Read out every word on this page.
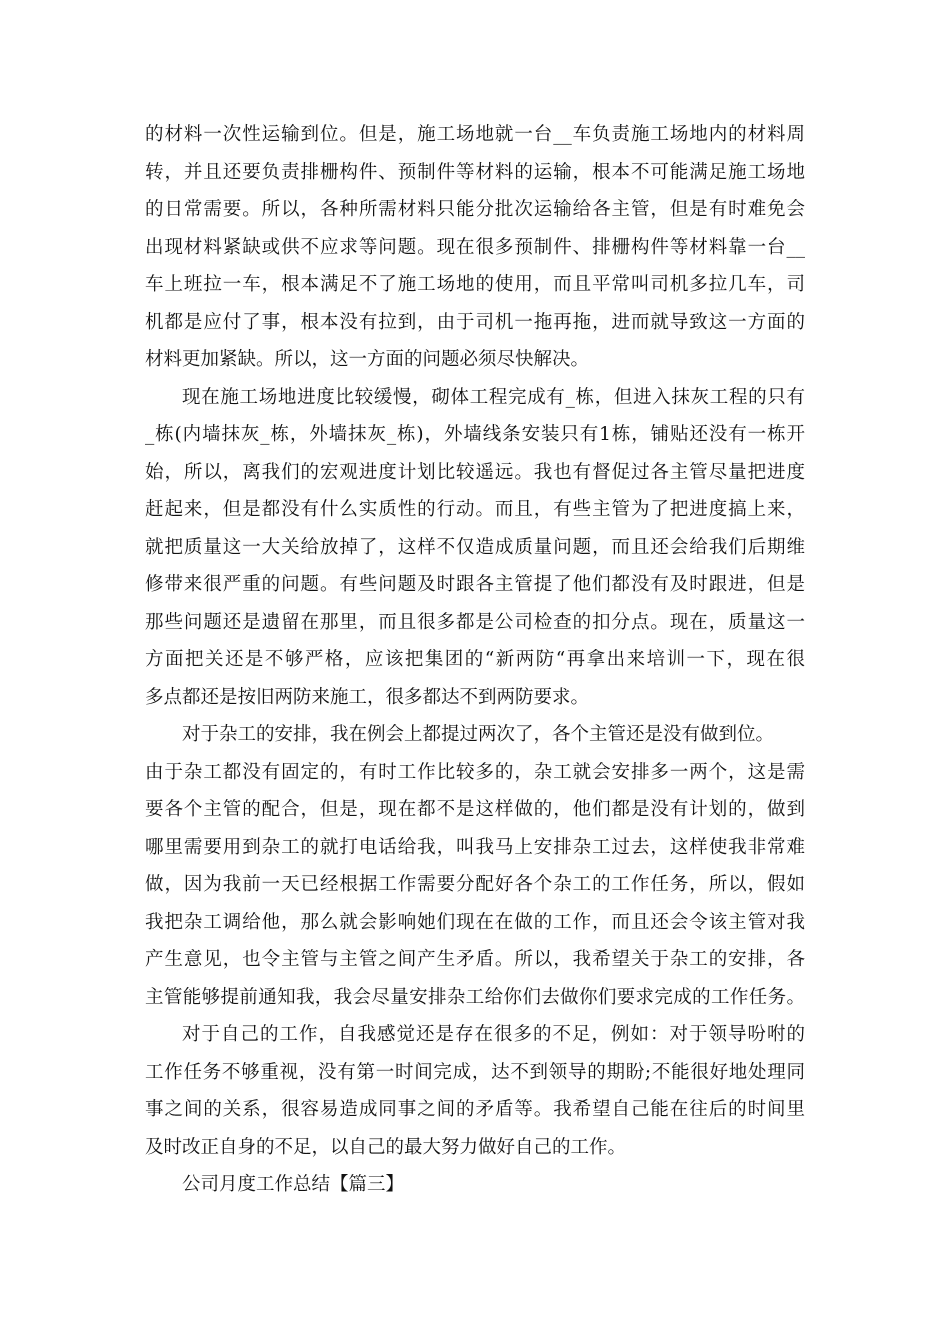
的材料一次性运输到位。但是，施工场地就一台__车负责施工场地内的材料周
转，并且还要负责排栅构件、预制件等材料的运输，根本不可能满足施工场地
的日常需要。所以，各种所需材料只能分批次运输给各主管，但是有时难免会
出现材料紧缺或供不应求等问题。现在很多预制件、排栅构件等材料靠一台__
车上班拉一车，根本满足不了施工场地的使用，而且平常叫司机多拉几车，司
机都是应付了事，根本没有拉到，由于司机一拖再拖，进而就导致这一方面的
材料更加紧缺。所以，这一方面的问题必须尽快解决。
现在施工场地进度比较缓慢，砌体工程完成有_栋，但进入抹灰工程的只有
_栋(内墙抹灰_栋，外墙抹灰_栋)，外墙线条安装只有1栋，铺贴还没有一栋开
始，所以，离我们的宏观进度计划比较遥远。我也有督促过各主管尽量把进度
赶起来，但是都没有什么实质性的行动。而且，有些主管为了把进度搞上来，
就把质量这一大关给放掉了，这样不仅造成质量问题，而且还会给我们后期维
修带来很严重的问题。有些问题及时跟各主管提了他们都没有及时跟进，但是
那些问题还是遗留在那里，而且很多都是公司检查的扣分点。现在，质量这一
方面把关还是不够严格，应该把集团的“新两防“再拿出来培训一下，现在很
多点都还是按旧两防来施工，很多都达不到两防要求。
对于杂工的安排，我在例会上都提过两次了，各个主管还是没有做到位。
由于杂工都没有固定的，有时工作比较多的，杂工就会安排多一两个，这是需
要各个主管的配合，但是，现在都不是这样做的，他们都是没有计划的，做到
哪里需要用到杂工的就打电话给我，叫我马上安排杂工过去，这样使我非常难
做，因为我前一天已经根据工作需要分配好各个杂工的工作任务，所以，假如
我把杂工调给他，那么就会影响她们现在在做的工作，而且还会令该主管对我
产生意见，也令主管与主管之间产生矛盾。所以，我希望关于杂工的安排，各
主管能够提前通知我，我会尽量安排杂工给你们去做你们要求完成的工作任务。
对于自己的工作，自我感觉还是存在很多的不足，例如：对于领导吩咐的
工作任务不够重视，没有第一时间完成，达不到领导的期盼;不能很好地处理同
事之间的关系，很容易造成同事之间的矛盾等。我希望自己能在往后的时间里
及时改正自身的不足，以自己的最大努力做好自己的工作。
公司月度工作总结【篇三】
